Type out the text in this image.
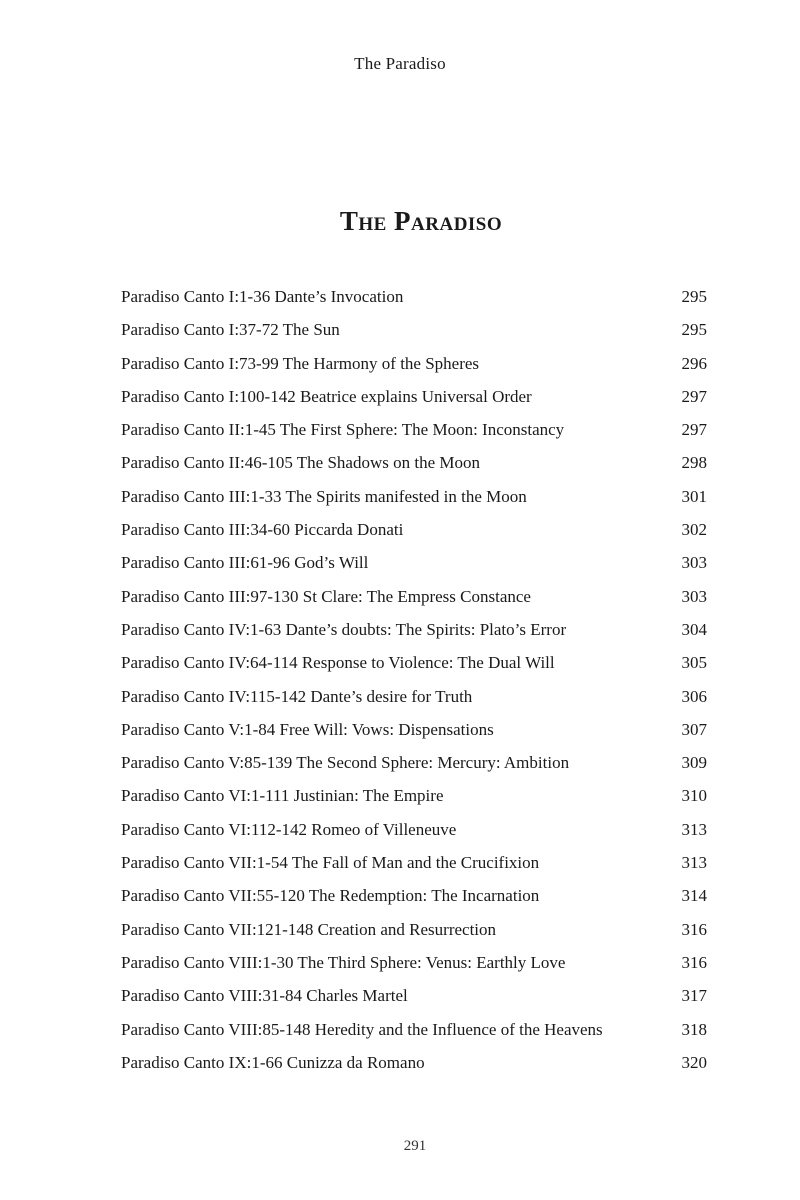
The Paradiso
The Paradiso
Paradiso Canto I:1-36 Dante’s Invocation	295
Paradiso Canto I:37-72 The Sun	295
Paradiso Canto I:73-99 The Harmony of the Spheres	296
Paradiso Canto I:100-142 Beatrice explains Universal Order	297
Paradiso Canto II:1-45 The First Sphere: The Moon: Inconstancy	297
Paradiso Canto II:46-105 The Shadows on the Moon	298
Paradiso Canto III:1-33 The Spirits manifested in the Moon	301
Paradiso Canto III:34-60 Piccarda Donati	302
Paradiso Canto III:61-96 God’s Will	303
Paradiso Canto III:97-130 St Clare: The Empress Constance	303
Paradiso Canto IV:1-63 Dante’s doubts: The Spirits: Plato’s Error	304
Paradiso Canto IV:64-114 Response to Violence: The Dual Will	305
Paradiso Canto IV:115-142 Dante’s desire for Truth	306
Paradiso Canto V:1-84 Free Will: Vows: Dispensations	307
Paradiso Canto V:85-139 The Second Sphere: Mercury: Ambition	309
Paradiso Canto VI:1-111 Justinian: The Empire	310
Paradiso Canto VI:112-142 Romeo of Villeneuve	313
Paradiso Canto VII:1-54 The Fall of Man and the Crucifixion	313
Paradiso Canto VII:55-120 The Redemption: The Incarnation	314
Paradiso Canto VII:121-148 Creation and Resurrection	316
Paradiso Canto VIII:1-30 The Third Sphere: Venus: Earthly Love	316
Paradiso Canto VIII:31-84 Charles Martel	317
Paradiso Canto VIII:85-148 Heredity and the Influence of the Heavens	318
Paradiso Canto IX:1-66 Cunizza da Romano	320
291
